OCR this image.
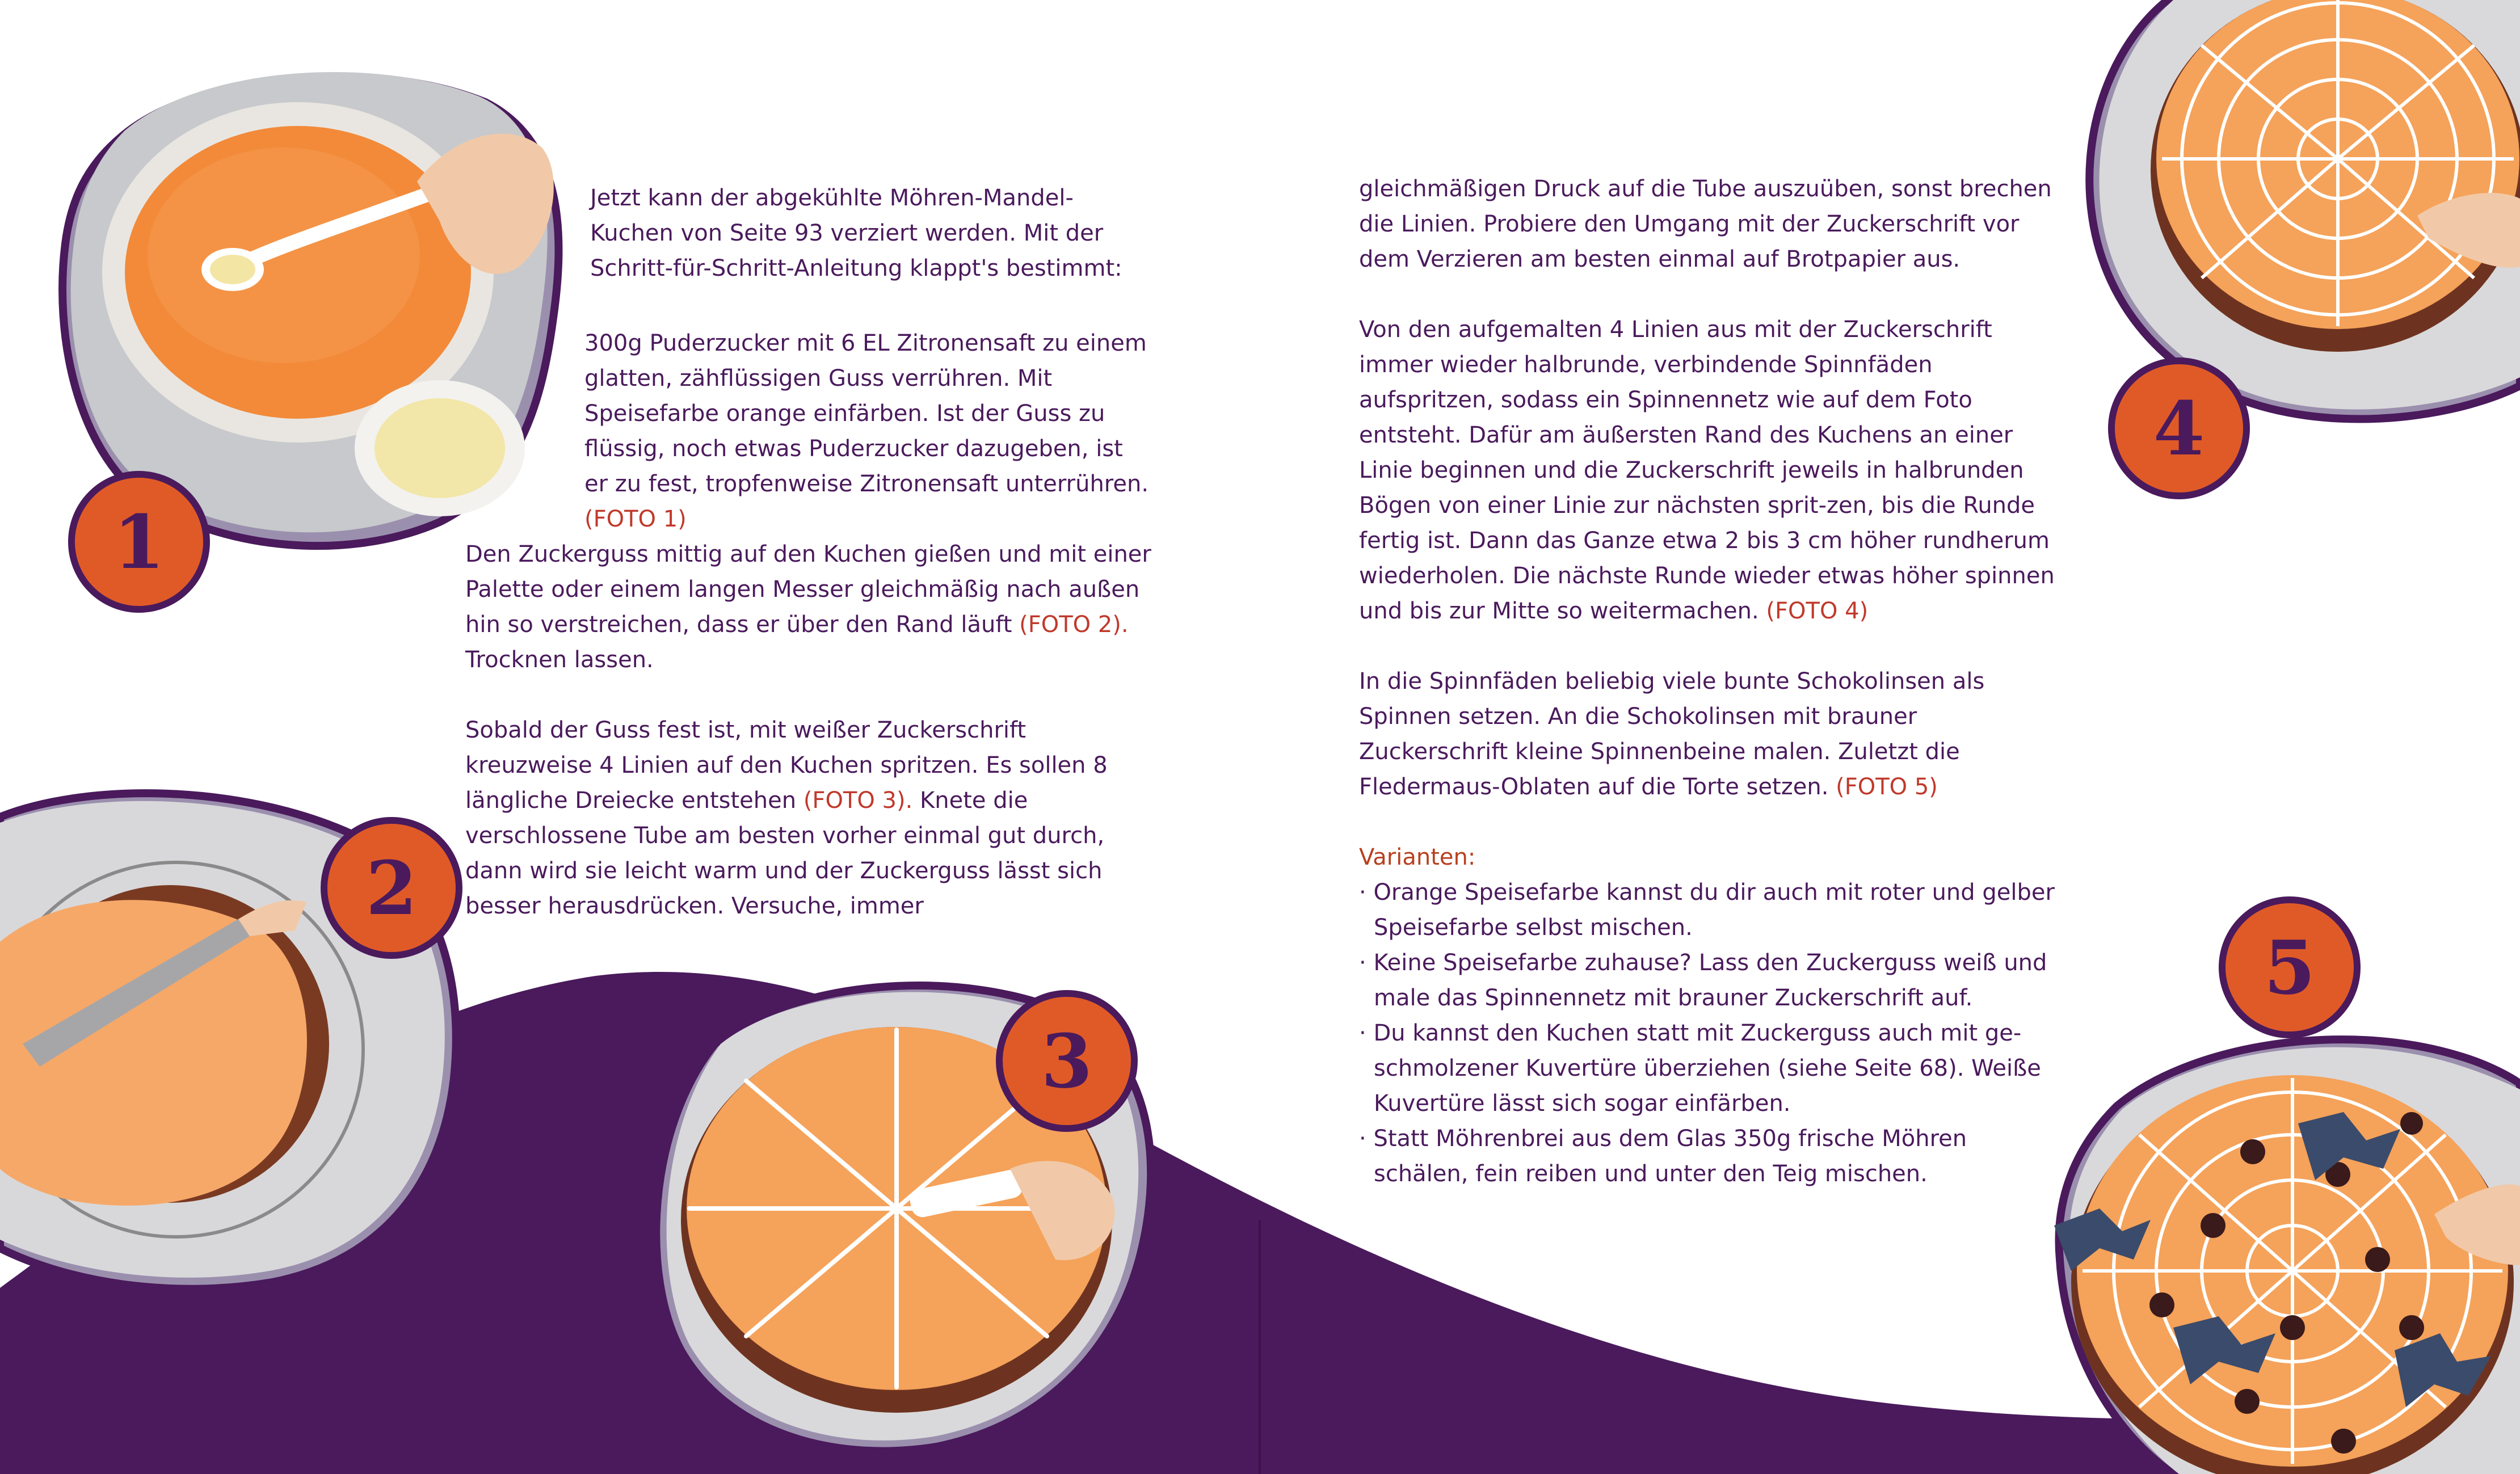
1
2
3
4
5

Jetzt kann der abgekühlte Möhren-Mandel-Kuchen von Seite 93 verziert werden. Mit der Schritt-für-Schritt-Anleitung klappt's bestimmt:

300g Puderzucker mit 6 EL Zitronensaft zu einem glatten, zähflüssigen Guss verrühren. Mit Speisefarbe orange einfärben. Ist der Guss zu flüssig, noch etwas Puderzucker dazugeben, ist er zu fest, tropfenweise Zitronensaft unterrühren. (FOTO 1)

Den Zuckerguss mittig auf den Kuchen gießen und mit einer Palette oder einem langen Messer gleichmäßig nach außen hin so verstreichen, dass er über den Rand läuft (FOTO 2). Trocknen lassen.

Sobald der Guss fest ist, mit weißer Zuckerschrift kreuzweise 4 Linien auf den Kuchen spritzen. Es sollen 8 längliche Dreiecke entstehen (FOTO 3). Knete die verschlossene Tube am besten vorher einmal gut durch, dann wird sie leicht warm und der Zuckerguss lässt sich besser herausdrücken. Versuche, immer

gleichmäßigen Druck auf die Tube auszuüben, sonst brechen die Linien. Probiere den Umgang mit der Zuckerschrift vor dem Verzieren am besten einmal auf Brotpapier aus.

Von den aufgemalten 4 Linien aus mit der Zuckerschrift immer wieder halbrunde, verbindende Spinnfäden aufspritzen, sodass ein Spinnennetz wie auf dem Foto entsteht. Dafür am äußersten Rand des Kuchens an einer Linie beginnen und die Zuckerschrift jeweils in halbrunden Bögen von einer Linie zur nächsten sprit-zen, bis die Runde fertig ist. Dann das Ganze etwa 2 bis 3 cm höher rundherum wiederholen. Die nächste Runde wieder etwas höher spinnen und bis zur Mitte so weitermachen. (FOTO 4)

In die Spinnfäden beliebig viele bunte Schokolinsen als Spinnen setzen. An die Schokolinsen mit brauner Zuckerschrift kleine Spinnenbeine malen. Zuletzt die Fledermaus-Oblaten auf die Torte setzen. (FOTO 5)

Varianten:
· Orange Speisefarbe kannst du dir auch mit roter und gelber Speisefarbe selbst mischen.
· Keine Speisefarbe zuhause? Lass den Zuckerguss weiß und male das Spinnennetz mit brauner Zuckerschrift auf.
· Du kannst den Kuchen statt mit Zuckerguss auch mit ge-schmolzener Kuvertüre überziehen (siehe Seite 68). Weiße Kuvertüre lässt sich sogar einfärben.
· Statt Möhrenbrei aus dem Glas 350g frische Möhren schälen, fein reiben und unter den Teig mischen.
